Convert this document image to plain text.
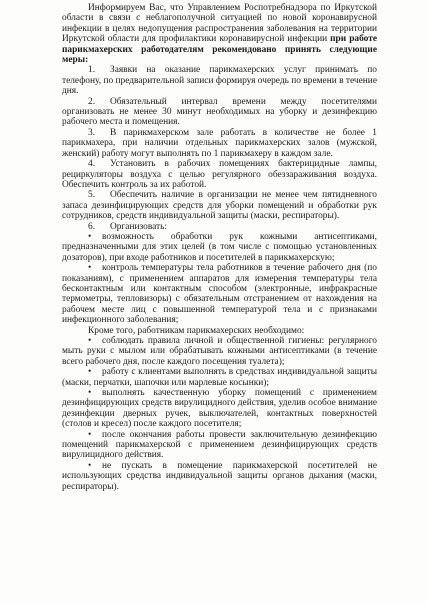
Информируем Вас, что Управлением Роспотребнадзора по Иркутской области в связи с неблагополучной ситуацией по новой коронавирусной инфекции в целях недопущения распространения заболевания на территории Иркутской области для профилактики коронавирусной инфекции при работе парикмахерских работодателям рекомендовано принять следующие меры:

1. Заявки на оказание парикмахерских услуг принимать по телефону, по предварительной записи формируя очередь по времени в течение дня.

2. Обязательный интервал времени между посетителями организовать не менее 30 минут необходимых на уборку и дезинфекцию рабочего места и помещения.

3. В парикмахерском зале работать в количестве не более 1 парикмахера, при наличии отдельных парикмахерских залов (мужской, женский) работу могут выполнять по 1 парикмахеру в каждом зале.

4. Установить в рабочих помещениях бактерицидные лампы, рециркуляторы воздуха с целью регулярного обеззараживания воздуха. Обеспечить контроль за их работой.

5. Обеспечить наличие в организации не менее чем пятидневного запаса дезинфицирующих средств для уборки помещений и обработки рук сотрудников, средств индивидуальной защиты (маски, респираторы).

6. Организовать:

• возможность обработки рук кожными антисептиками, предназначенными для этих целей (в том числе с помощью установленных дозаторов), при входе работников и посетителей в парикмахерскую;
• контроль температуры тела работников в течение рабочего дня (по показаниям), с применением аппаратов для измерения температуры тела бесконтактным или контактным способом (электронные, инфракрасные термометры, тепловизоры) с обязательным отстранением от нахождения на рабочем месте лиц с повышенной температурой тела и с признаками инфекционного заболевания;

Кроме того, работникам парикмахерских необходимо:

• соблюдать правила личной и общественной гигиены: регулярного мыть руки с мылом или обрабатывать кожными антисептиками (в течение всего рабочего дня, после каждого посещения туалета);
• работу с клиентами выполнять в средствах индивидуальной защиты (маски, перчатки, шапочки или марлевые косынки);
• выполнять качественную уборку помещений с применением дезинфицирующих средств вирулицидного действия, уделив особое внимание дезинфекции дверных ручек, выключателей, контактных поверхностей (столов и кресел) после каждого посетителя;
• после окончания работы провести заключительную дезинфекцию помещений парикмахерской с применением дезинфицирующих средств вирулицидного действия.
• не пускать в помещение парикмахерской посетителей не использующих средства индивидуальной защиты органов дыхания (маски, респираторы).
